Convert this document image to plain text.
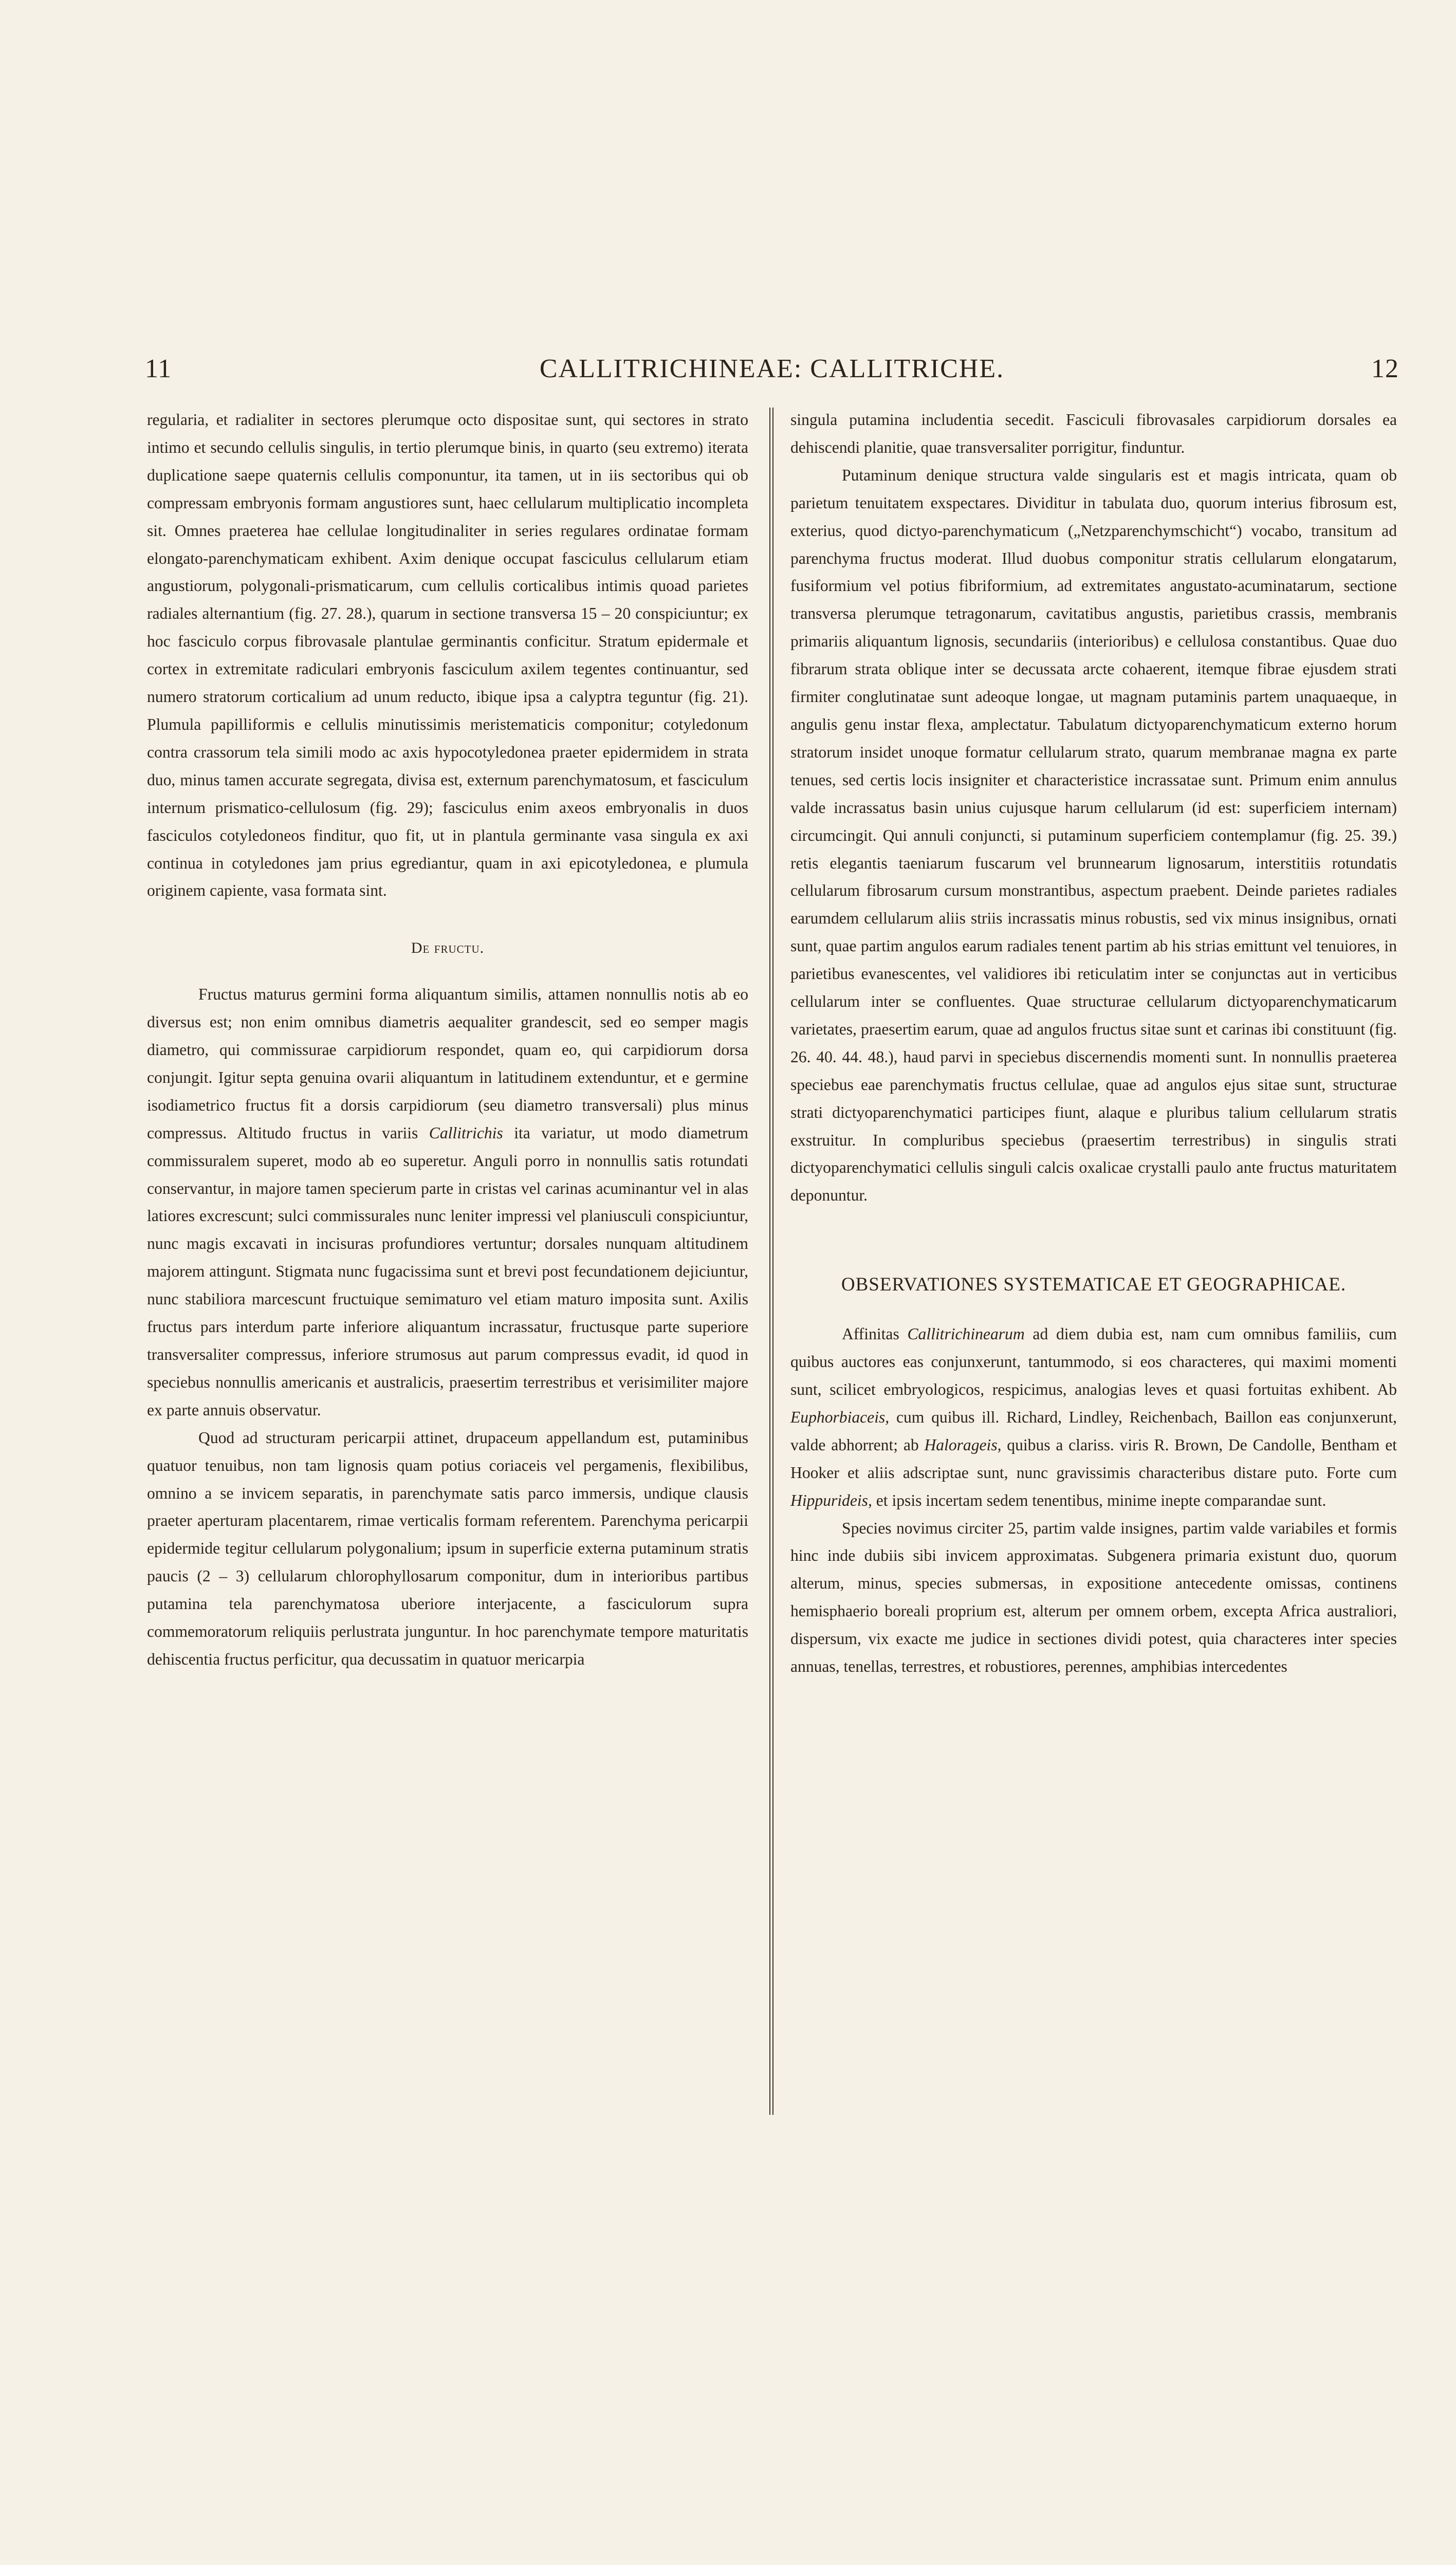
11	CALLITRICHINEAE: CALLITRICHE.	12

regularia, et radialiter in sectores plerumque octo dispositae sunt, qui sectores in strato intimo et secundo cellulis singulis, in tertio plerumque binis, in quarto (seu extremo) iterata duplicatione saepe quaternis cellulis componuntur, ita tamen, ut in iis sectoribus qui ob compressam embryonis formam angustiores sunt, haec cellularum multiplicatio incompleta sit. Omnes praeterea hae cellulae longitudinaliter in series regulares ordinatae formam elongato-parenchymaticam exhibent. Axim denique occupat fasciculus cellularum etiam angustiorum, polygonali-prismaticarum, cum cellulis corticalibus intimis quoad parietes radiales alternantium (fig. 27. 28.), quarum in sectione transversa 15 – 20 conspiciuntur; ex hoc fasciculo corpus fibrovasale plantulae germinantis conficitur. Stratum epidermale et cortex in extremitate radiculari embryonis fasciculum axilem tegentes continuantur, sed numero stratorum corticalium ad unum reducto, ibique ipsa a calyptra teguntur (fig. 21). Plumula papilliformis e cellulis minutissimis meristematicis componitur; cotyledonum contra crassorum tela simili modo ac axis hypocotyledonea praeter epidermidem in strata duo, minus tamen accurate segregata, divisa est, externum parenchymatosum, et fasciculum internum prismatico-cellulosum (fig. 29); fasciculus enim axeos embryonalis in duos fasciculos cotyledoneos finditur, quo fit, ut in plantula germinante vasa singula ex axi continua in cotyledones jam prius egrediantur, quam in axi epicotyledonea, e plumula originem capiente, vasa formata sint.

De fructu.

Fructus maturus germini forma aliquantum similis, attamen nonnullis notis ab eo diversus est; non enim omnibus diametris aequaliter grandescit, sed eo semper magis diametro, qui commissurae carpidiorum respondet, quam eo, qui carpidiorum dorsa conjungit. Igitur septa genuina ovarii aliquantum in latitudinem extenduntur, et e germine isodiametrico fructus fit a dorsis carpidiorum (seu diametro transversali) plus minus compressus. Altitudo fructus in variis Callitrichis ita variatur, ut modo diametrum commissuralem superet, modo ab eo superetur. Anguli porro in nonnullis satis rotundati conservantur, in majore tamen specierum parte in cristas vel carinas acuminantur vel in alas latiores excrescunt; sulci commissurales nunc leniter impressi vel planiusculi conspiciuntur, nunc magis excavati in incisuras profundiores vertuntur; dorsales nunquam altitudinem majorem attingunt. Stigmata nunc fugacissima sunt et brevi post fecundationem dejiciuntur, nunc stabiliora marcescunt fructuique semimaturo vel etiam maturo imposita sunt. Axilis fructus pars interdum parte inferiore aliquantum incrassatur, fructusque parte superiore transversaliter compressus, inferiore strumosus aut parum compressus evadit, id quod in speciebus nonnullis americanis et australicis, praesertim terrestribus et verisimiliter majore ex parte annuis observatur.

Quod ad structuram pericarpii attinet, drupaceum appellandum est, putaminibus quatuor tenuibus, non tam lignosis quam potius coriaceis vel pergamenis, flexibilibus, omnino a se invicem separatis, in parenchymate satis parco immersis, undique clausis praeter aperturam placentarem, rimae verticalis formam referentem. Parenchyma pericarpii epidermide tegitur cellularum polygonalium; ipsum in superficie externa putaminum stratis paucis (2 – 3) cellularum chlorophyllosarum componitur, dum in interioribus partibus putamina tela parenchymatosa uberiore interjacente, a fasciculorum supra commemoratorum reliquiis perlustrata junguntur. In hoc parenchymate tempore maturitatis dehiscentia fructus perficitur, qua decussatim in quatuor mericarpia

singula putamina includentia secedit. Fasciculi fibrovasales carpidiorum dorsales ea dehiscendi planitie, quae transversaliter porrigitur, finduntur.

Putaminum denique structura valde singularis est et magis intricata, quam ob parietum tenuitatem exspectares. Dividitur in tabulata duo, quorum interius fibrosum est, exterius, quod dictyo-parenchymaticum („Netzparenchymschicht“) vocabo, transitum ad parenchyma fructus moderat. Illud duobus componitur stratis cellularum elongatarum, fusiformium vel potius fibriformium, ad extremitates angustato-acuminatarum, sectione transversa plerumque tetragonarum, cavitatibus angustis, parietibus crassis, membranis primariis aliquantum lignosis, secundariis (interioribus) e cellulosa constantibus. Quae duo fibrarum strata oblique inter se decussata arcte cohaerent, itemque fibrae ejusdem strati firmiter conglutinatae sunt adeoque longae, ut magnam putaminis partem unaquaeque, in angulis genu instar flexa, amplectatur. Tabulatum dictyoparenchymaticum externo horum stratorum insidet unoque formatur cellularum strato, quarum membranae magna ex parte tenues, sed certis locis insigniter et characteristice incrassatae sunt. Primum enim annulus valde incrassatus basin unius cujusque harum cellularum (id est: superficiem internam) circumcingit. Qui annuli conjuncti, si putaminum superficiem contemplamur (fig. 25. 39.) retis elegantis taeniarum fuscarum vel brunnearum lignosarum, interstitiis rotundatis cellularum fibrosarum cursum monstrantibus, aspectum praebent. Deinde parietes radiales earumdem cellularum aliis striis incrassatis minus robustis, sed vix minus insignibus, ornati sunt, quae partim angulos earum radiales tenent partim ab his strias emittunt vel tenuiores, in parietibus evanescentes, vel validiores ibi reticulatim inter se conjunctas aut in verticibus cellularum inter se confluentes. Quae structurae cellularum dictyoparenchymaticarum varietates, praesertim earum, quae ad angulos fructus sitae sunt et carinas ibi constituunt (fig. 26. 40. 44. 48.), haud parvi in speciebus discernendis momenti sunt. In nonnullis praeterea speciebus eae parenchymatis fructus cellulae, quae ad angulos ejus sitae sunt, structurae strati dictyoparenchymatici participes fiunt, alaque e pluribus talium cellularum stratis exstruitur. In compluribus speciebus (praesertim terrestribus) in singulis strati dictyoparenchymatici cellulis singuli calcis oxalicae crystalli paulo ante fructus maturitatem deponuntur.

OBSERVATIONES SYSTEMATICAE ET GEOGRAPHICAE.

Affinitas Callitrichinearum ad diem dubia est, nam cum omnibus familiis, cum quibus auctores eas conjunxerunt, tantummodo, si eos characteres, qui maximi momenti sunt, scilicet embryologicos, respicimus, analogias leves et quasi fortuitas exhibent. Ab Euphorbiaceis, cum quibus ill. Richard, Lindley, Reichenbach, Baillon eas conjunxerunt, valde abhorrent; ab Halorageis, quibus a clariss. viris R. Brown, De Candolle, Bentham et Hooker et aliis adscriptae sunt, nunc gravissimis characteribus distare puto. Forte cum Hippurideis, et ipsis incertam sedem tenentibus, minime inepte comparandae sunt.

Species novimus circiter 25, partim valde insignes, partim valde variabiles et formis hinc inde dubiis sibi invicem approximatas. Subgenera primaria existunt duo, quorum alterum, minus, species submersas, in expositione antecedente omissas, continens hemisphaerio boreali proprium est, alterum per omnem orbem, excepta Africa australiori, dispersum, vix exacte me judice in sectiones dividi potest, quia characteres inter species annuas, tenellas, terrestres, et robustiores, perennes, amphibias intercedentes
